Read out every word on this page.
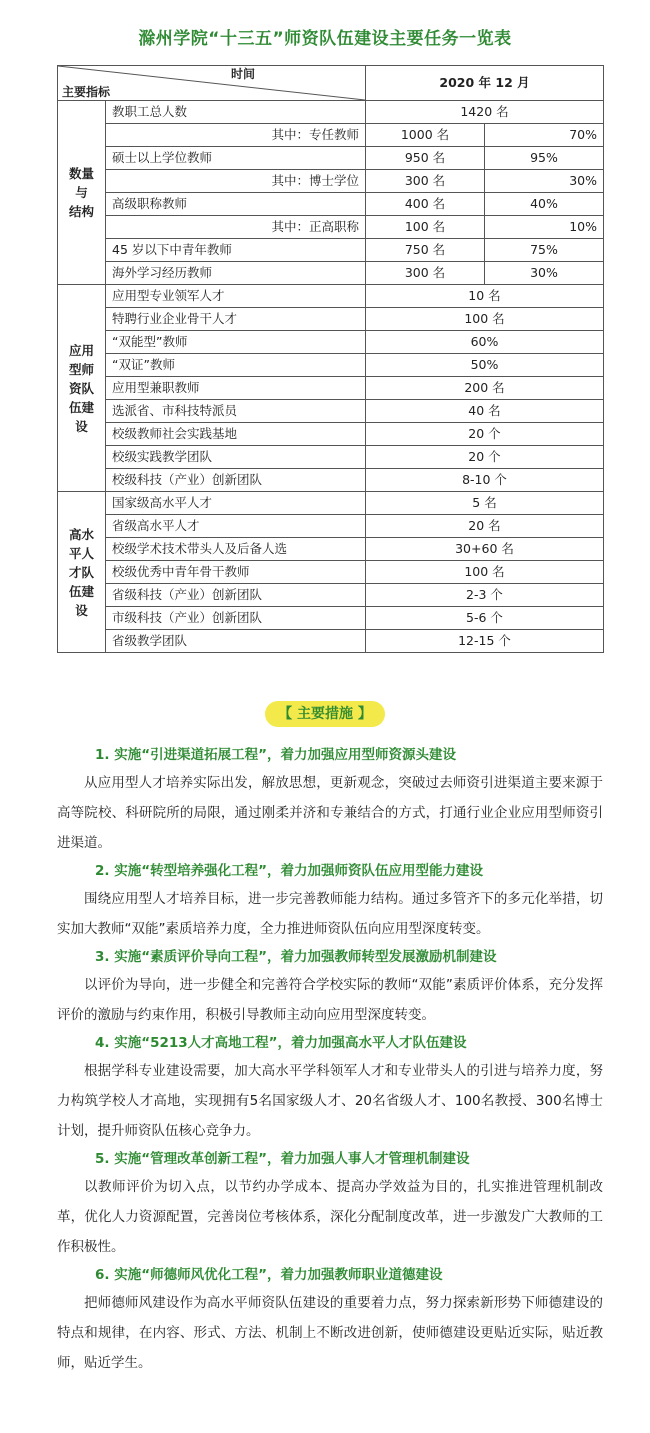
滁州学院“十三五”师资队伍建设主要任务一览表
时间
主要指标		2020 年 12 月	

数量
与
结构	教职工总人数	1420 名	
	其中：专任教师	1000 名	70%
	硕士以上学位教师	950 名	95%
	其中：博士学位	300 名	30%
	高级职称教师	400 名	40%
	其中：正高职称	100 名	10%
	45 岁以下中青年教师	750 名	75%
	海外学习经历教师	300 名	30%

应用
型师
资队
伍建
设	应用型专业领军人才	10 名	
	特聘行业企业骨干人才	100 名	
	“双能型”教师	60%	
	“双证”教师	50%	
	应用型兼职教师	200 名	
	选派省、市科技特派员	40 名	
	校级教师社会实践基地	20 个	
	校级实践教学团队	20 个	
	校级科技（产业）创新团队	8-10 个	

高水
平人
才队
伍建
设	国家级高水平人才	5 名	
	省级高水平人才	20 名	
	校级学术技术带头人及后备人选	30+60 名	
	校级优秀中青年骨干教师	100 名	
	省级科技（产业）创新团队	2-3 个	
	市级科技（产业）创新团队	5-6 个	
	省级教学团队	12-15 个	
【 主要措施 】

1. 实施“引进渠道拓展工程”，着力加强应用型师资源头建设

从应用型人才培养实际出发，解放思想，更新观念，突破过去师资引进渠道主要来源于高等院校、科研院所的局限，通过刚柔并济和专兼结合的方式，打通行业企业应用型师资引进渠道。

2. 实施“转型培养强化工程”，着力加强师资队伍应用型能力建设

围绕应用型人才培养目标，进一步完善教师能力结构。通过多管齐下的多元化举措，切实加大教师“双能”素质培养力度，全力推进师资队伍向应用型深度转变。

3. 实施“素质评价导向工程”，着力加强教师转型发展激励机制建设

以评价为导向，进一步健全和完善符合学校实际的教师“双能”素质评价体系，充分发挥评价的激励与约束作用，积极引导教师主动向应用型深度转变。

4. 实施“5213人才高地工程”，着力加强高水平人才队伍建设

根据学科专业建设需要，加大高水平学科领军人才和专业带头人的引进与培养力度，努力构筑学校人才高地，实现拥有5名国家级人才、20名省级人才、100名教授、300名博士计划，提升师资队伍核心竞争力。

5. 实施“管理改革创新工程”，着力加强人事人才管理机制建设

以教师评价为切入点，以节约办学成本、提高办学效益为目的，扎实推进管理机制改革，优化人力资源配置，完善岗位考核体系，深化分配制度改革，进一步激发广大教师的工作积极性。

6. 实施“师德师风优化工程”，着力加强教师职业道德建设

把师德师风建设作为高水平师资队伍建设的重要着力点，努力探索新形势下师德建设的特点和规律，在内容、形式、方法、机制上不断改进创新，使师德建设更贴近实际，贴近教师，贴近学生。
